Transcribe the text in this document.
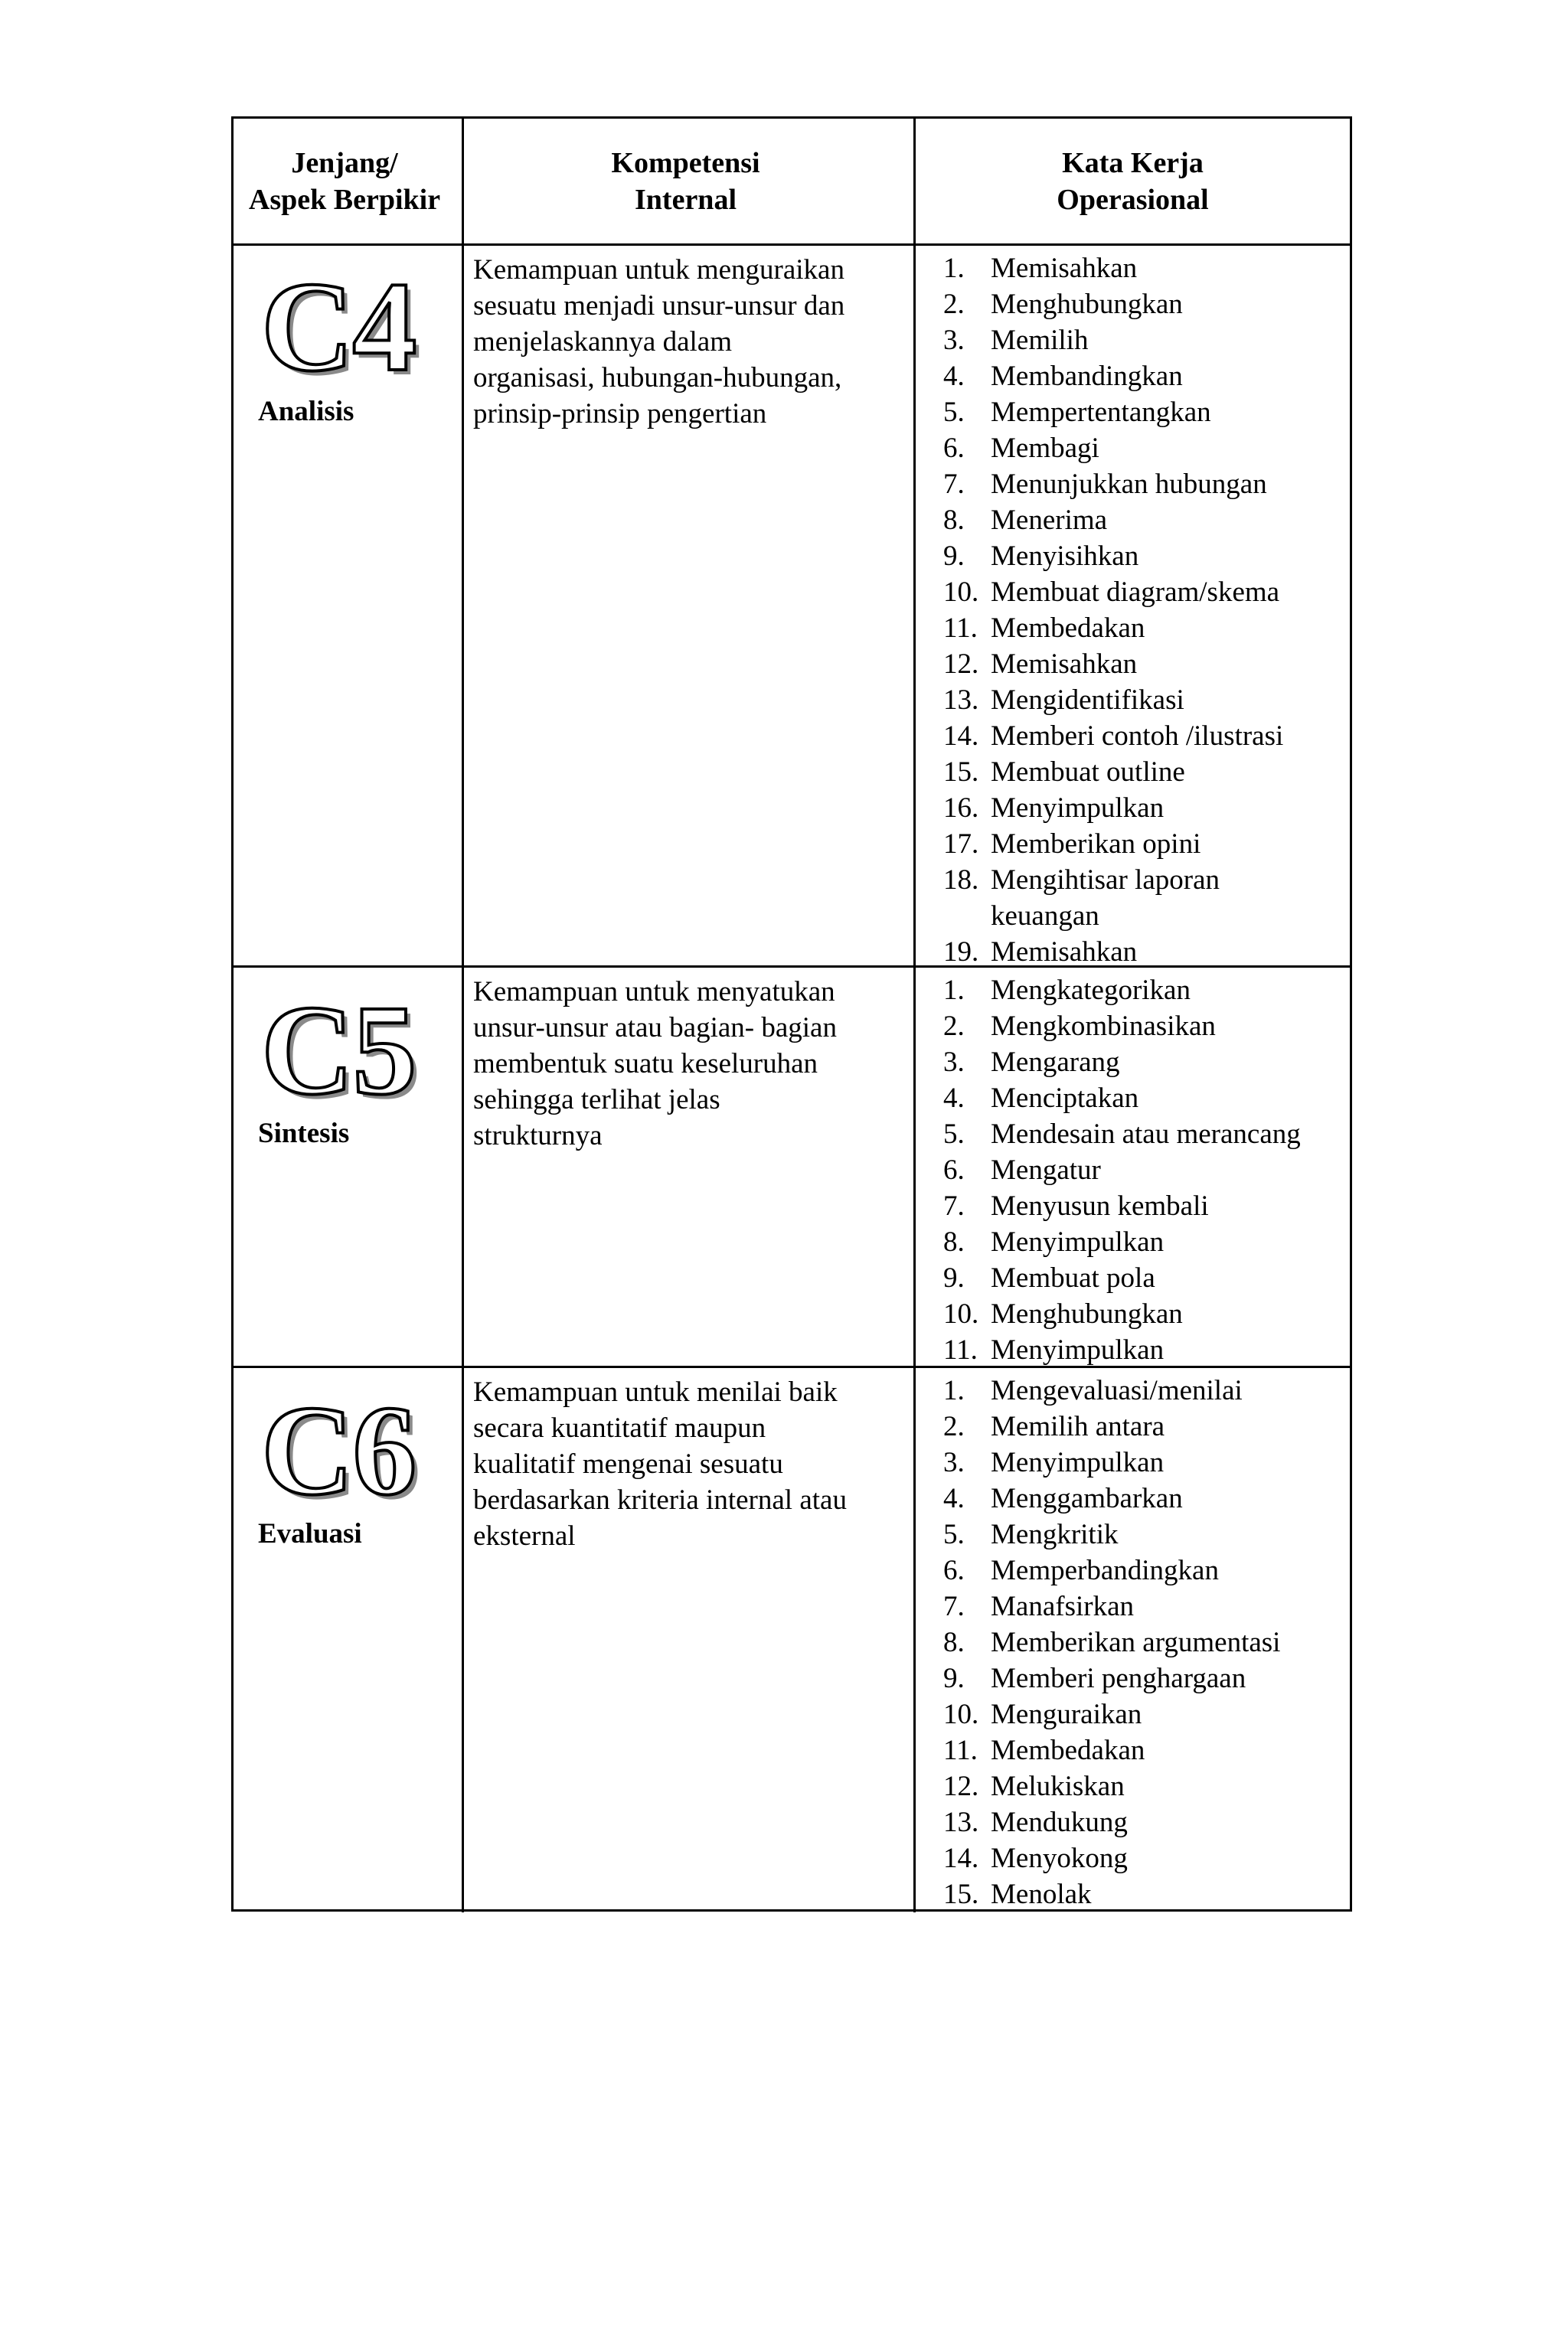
Jenjang/
Aspek Berpikir
Kompetensi
Internal
Kata Kerja
Operasional
C4
Analisis

Kemampuan untuk menguraikan

sesuatu menjadi unsur-unsur dan

menjelaskannya dalam

organisasi, hubungan-hubungan,

prinsip-prinsip pengertian

1. Memisahkan
2. Menghubungkan
3. Memilih
4. Membandingkan
5. Mempertentangkan
6. Membagi
7. Menunjukkan hubungan
8. Menerima
9. Menyisihkan
10. Membuat diagram/skema
11. Membedakan
12. Memisahkan
13. Mengidentifikasi
14. Memberi contoh /ilustrasi
15. Membuat outline
16. Menyimpulkan
17. Memberikan opini
18. Mengihtisar laporan keuangan
19. Memisahkan
C5
Sintesis

Kemampuan untuk menyatukan

unsur-unsur atau bagian- bagian

membentuk suatu keseluruhan

sehingga terlihat jelas

strukturnya

1. Mengkategorikan
2. Mengkombinasikan
3. Mengarang
4. Menciptakan
5. Mendesain atau merancang
6. Mengatur
7. Menyusun kembali
8. Menyimpulkan
9. Membuat pola
10. Menghubungkan
11. Menyimpulkan
C6
Evaluasi

Kemampuan untuk menilai baik

secara kuantitatif maupun

kualitatif mengenai sesuatu

berdasarkan kriteria internal atau

eksternal

1. Mengevaluasi/menilai
2. Memilih antara
3. Menyimpulkan
4. Menggambarkan
5. Mengkritik
6. Memperbandingkan
7. Manafsirkan
8. Memberikan argumentasi
9. Memberi penghargaan
10. Menguraikan
11. Membedakan
12. Melukiskan
13. Mendukung
14. Menyokong
15. Menolak
